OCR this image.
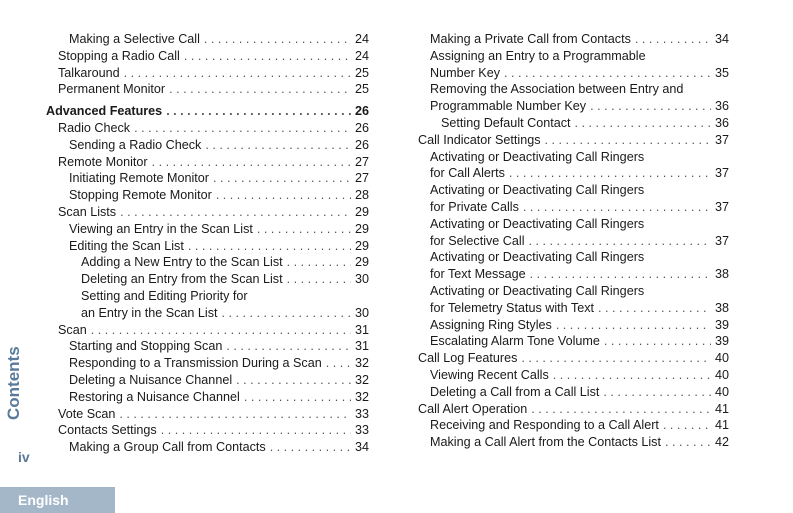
Making a Selective Call . . .	24
Stopping a Radio Call . . .	24
Talkaround . . .	25
Permanent Monitor . . .	25
Advanced Features . . .	26
Radio Check . . .	26
Sending a Radio Check . . .	26
Remote Monitor . . .	27
Initiating Remote Monitor . . .	27
Stopping Remote Monitor . . .	28
Scan Lists . . .	29
Viewing an Entry in the Scan List . . .	29
Editing the Scan List . . .	29
Adding a New Entry to the Scan List . . .	29
Deleting an Entry from the Scan List . . .	30
Setting and Editing Priority for
an Entry in the Scan List . . .	30
Scan . . .	31
Starting and Stopping Scan . . .	31
Responding to a Transmission During a Scan . . .	32
Deleting a Nuisance Channel . . .	32
Restoring a Nuisance Channel . . .	32
Vote Scan . . .	33
Contacts Settings . . .	33
Making a Group Call from Contacts . . .	34
Making a Private Call from Contacts . . .	34
Assigning an Entry to a Programmable
Number Key . . .	35
Removing the Association between Entry and
Programmable Number Key . . .	36
Setting Default Contact . . .	36
Call Indicator Settings . . .	37
Activating or Deactivating Call Ringers
for Call Alerts . . .	37
Activating or Deactivating Call Ringers
for Private Calls . . .	37
Activating or Deactivating Call Ringers
for Selective Call . . .	37
Activating or Deactivating Call Ringers
for Text Message . . .	38
Activating or Deactivating Call Ringers
for Telemetry Status with Text . . .	38
Assigning Ring Styles . . .	39
Escalating Alarm Tone Volume . . .	39
Call Log Features . . .	40
Viewing Recent Calls . . .	40
Deleting a Call from a Call List . . .	40
Call Alert Operation . . .	41
Receiving and Responding to a Call Alert . . .	41
Making a Call Alert from the Contacts List . . .	42
Contents
iv
English
